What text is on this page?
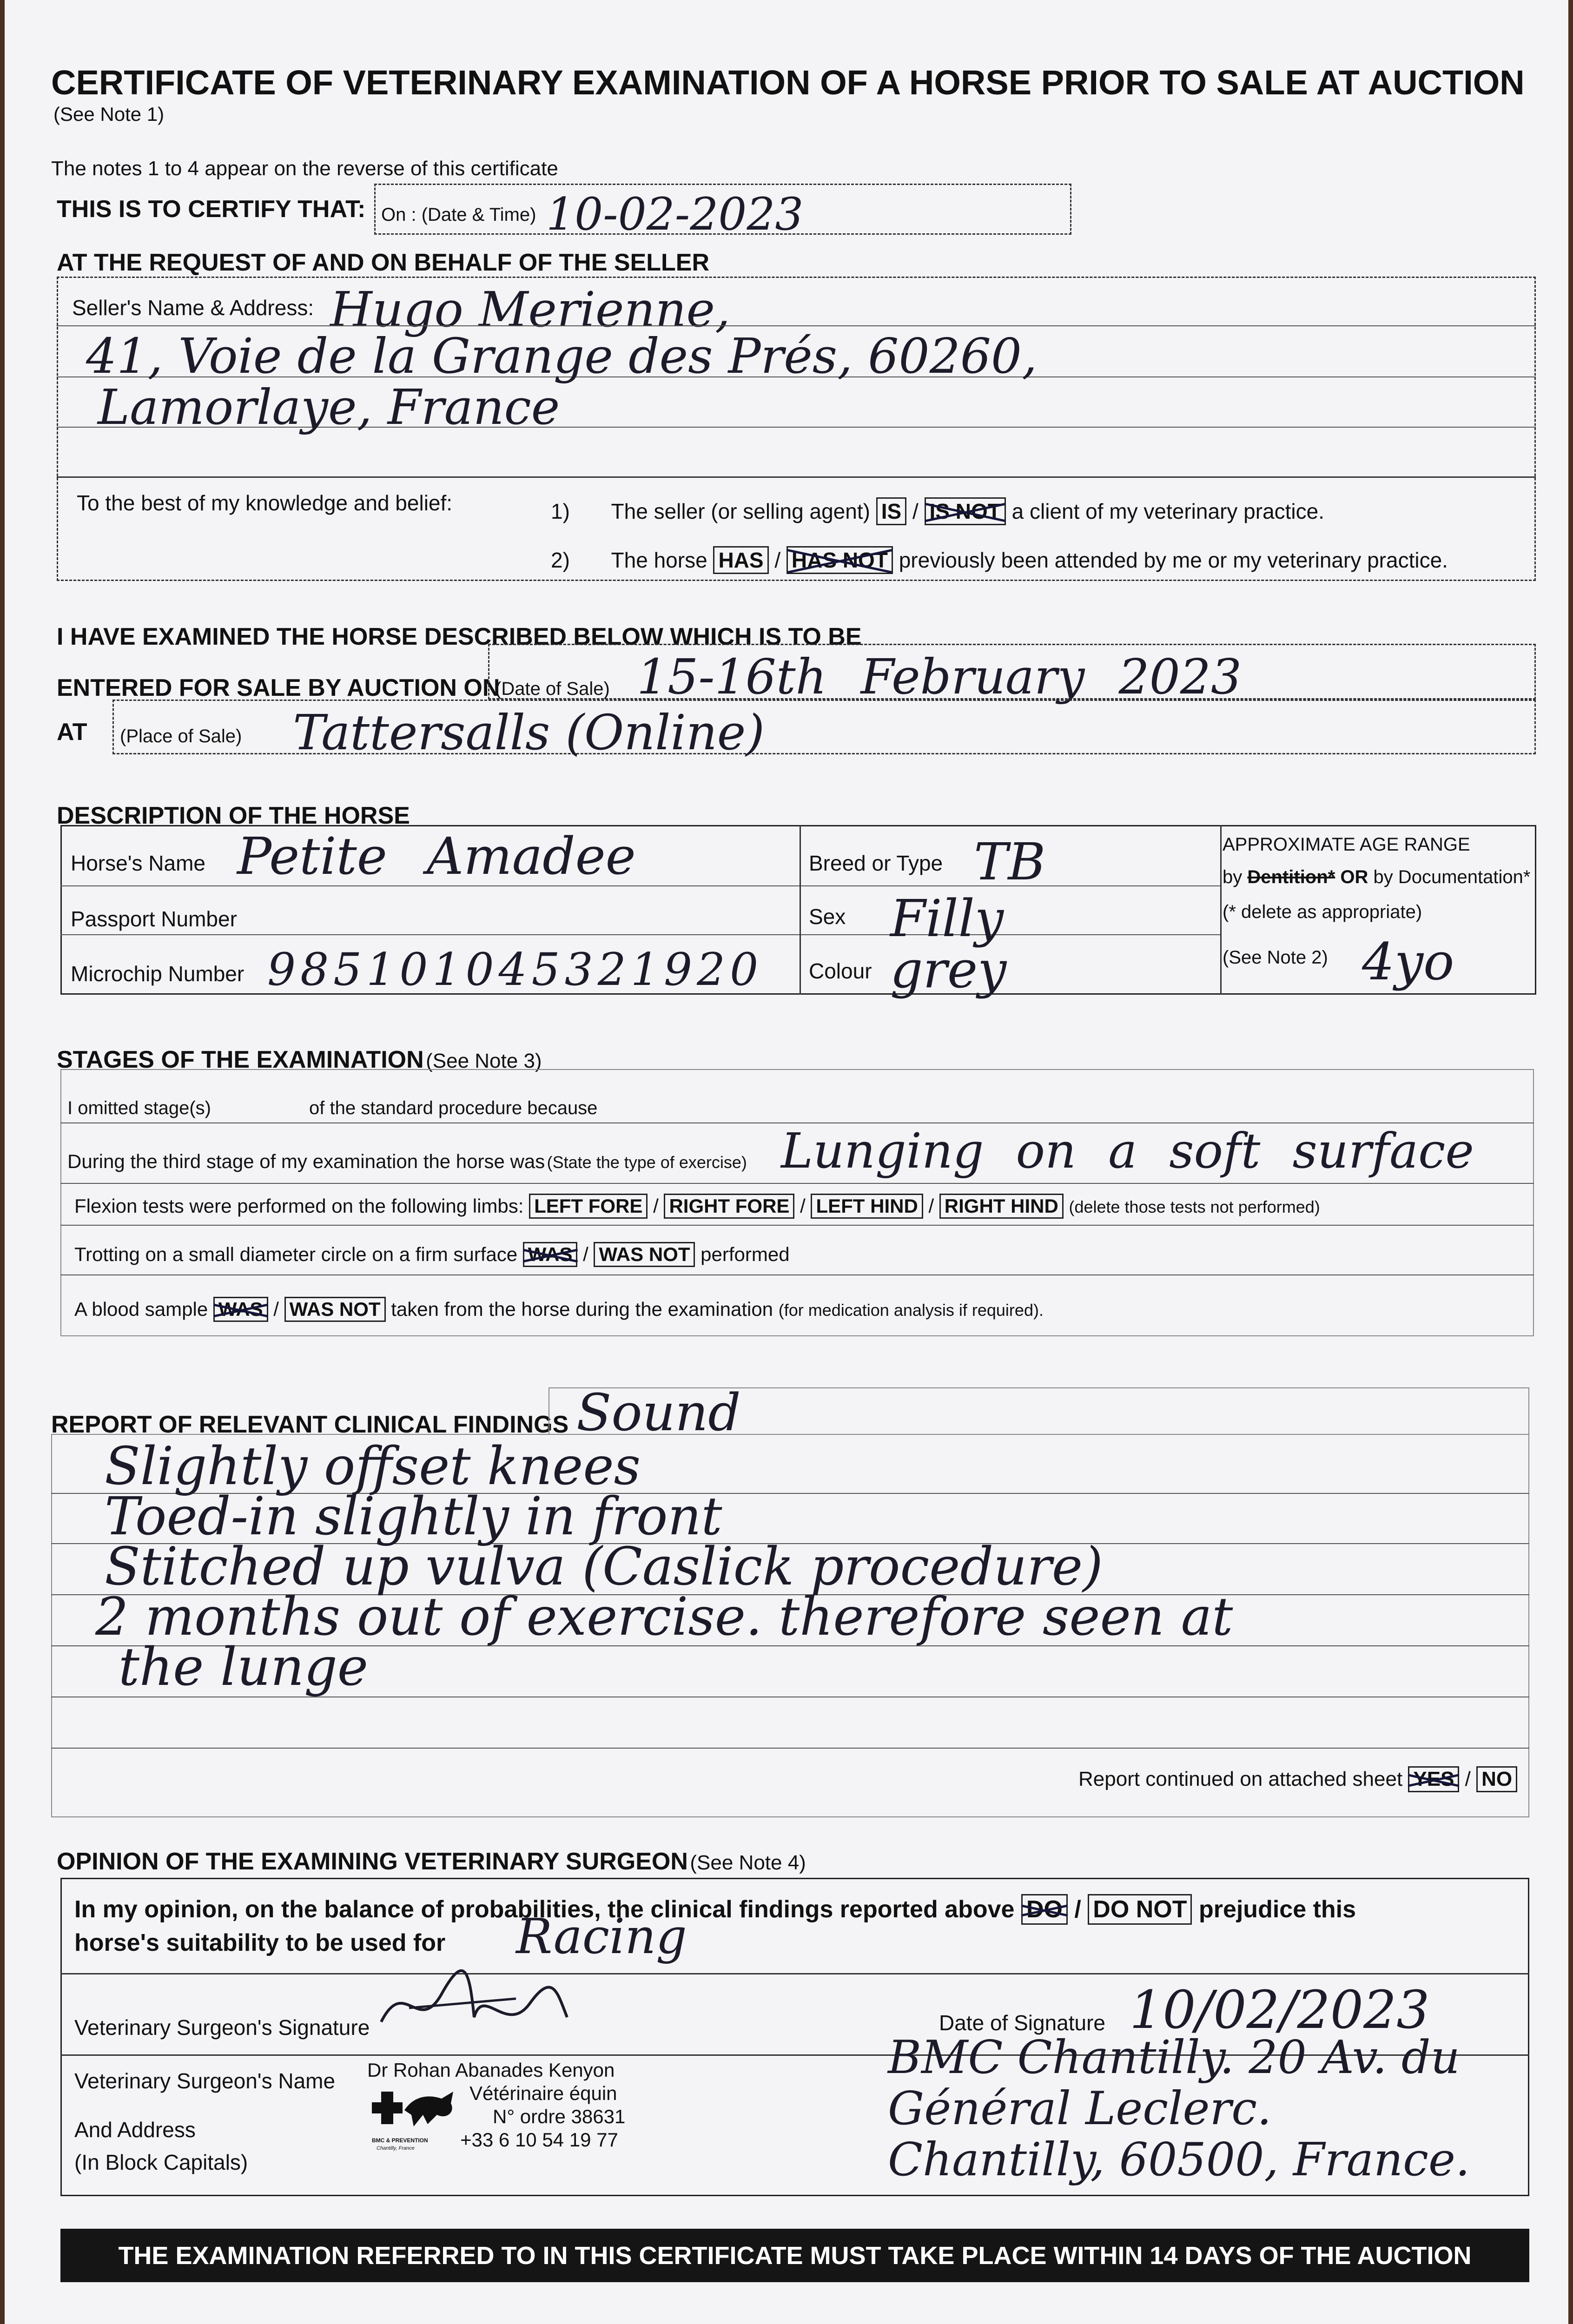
CERTIFICATE OF VETERINARY EXAMINATION OF A HORSE PRIOR TO SALE AT AUCTION
(See Note 1)
The notes 1 to 4 appear on the reverse of this certificate
THIS IS TO CERTIFY THAT: On : (Date & Time) 10-02-2023
AT THE REQUEST OF AND ON BEHALF OF THE SELLER
Seller's Name & Address: Hugo Merienne,
41, Voie de la Grange des Prés, 60260,
Lamorlaye, France
To the best of my knowledge and belief:	1) The seller (or selling agent) IS / IS NOT a client of my veterinary practice.
2) The horse HAS / HAS NOT previously been attended by me or my veterinary practice.
I HAVE EXAMINED THE HORSE DESCRIBED BELOW WHICH IS TO BE
ENTERED FOR SALE BY AUCTION ON
(Date of Sale) 15-16th February 2023
AT (Place of Sale) Tattersalls (Online)
DESCRIPTION OF THE HORSE
Horse's Name Petite Amadee
Passport Number
Microchip Number 985101045321920
Breed or Type TB
Sex Filly
Colour grey
APPROXIMATE AGE RANGE
by Dentition* OR by Documentation*
(* delete as appropriate)
(See Note 2) 4yo
STAGES OF THE EXAMINATION (See Note 3)
I omitted stage(s)	of the standard procedure because
During the third stage of my examination the horse was (State the type of exercise) Lunging on a soft surface
Flexion tests were performed on the following limbs: LEFT FORE / RIGHT FORE / LEFT HIND / RIGHT HIND (delete those tests not performed)
Trotting on a small diameter circle on a firm surface WAS / WAS NOT performed
A blood sample WAS / WAS NOT taken from the horse during the examination (for medication analysis if required).
REPORT OF RELEVANT CLINICAL FINDINGS Sound
Slightly offset knees
Toed-in slightly in front
Stitched up vulva (Caslick procedure)
2 months out of exercise. therefore seen at
the lunge
Report continued on attached sheet YES / NO
OPINION OF THE EXAMINING VETERINARY SURGEON (See Note 4)
In my opinion, on the balance of probabilities, the clinical findings reported above DO / DO NOT prejudice this
horse's suitability to be used for Racing
Veterinary Surgeon's Signature	Date of Signature 10/02/2023
Veterinary Surgeon's Name
And Address
(In Block Capitals)
Dr Rohan Abanades Kenyon
Vétérinaire équin
N° ordre 38631
+33 6 10 54 19 77
BMC & PREVENTION
Chantilly, France
BMC Chantilly. 20 Av. du
Général Leclerc.
Chantilly, 60500, France.
THE EXAMINATION REFERRED TO IN THIS CERTIFICATE MUST TAKE PLACE WITHIN 14 DAYS OF THE AUCTION
